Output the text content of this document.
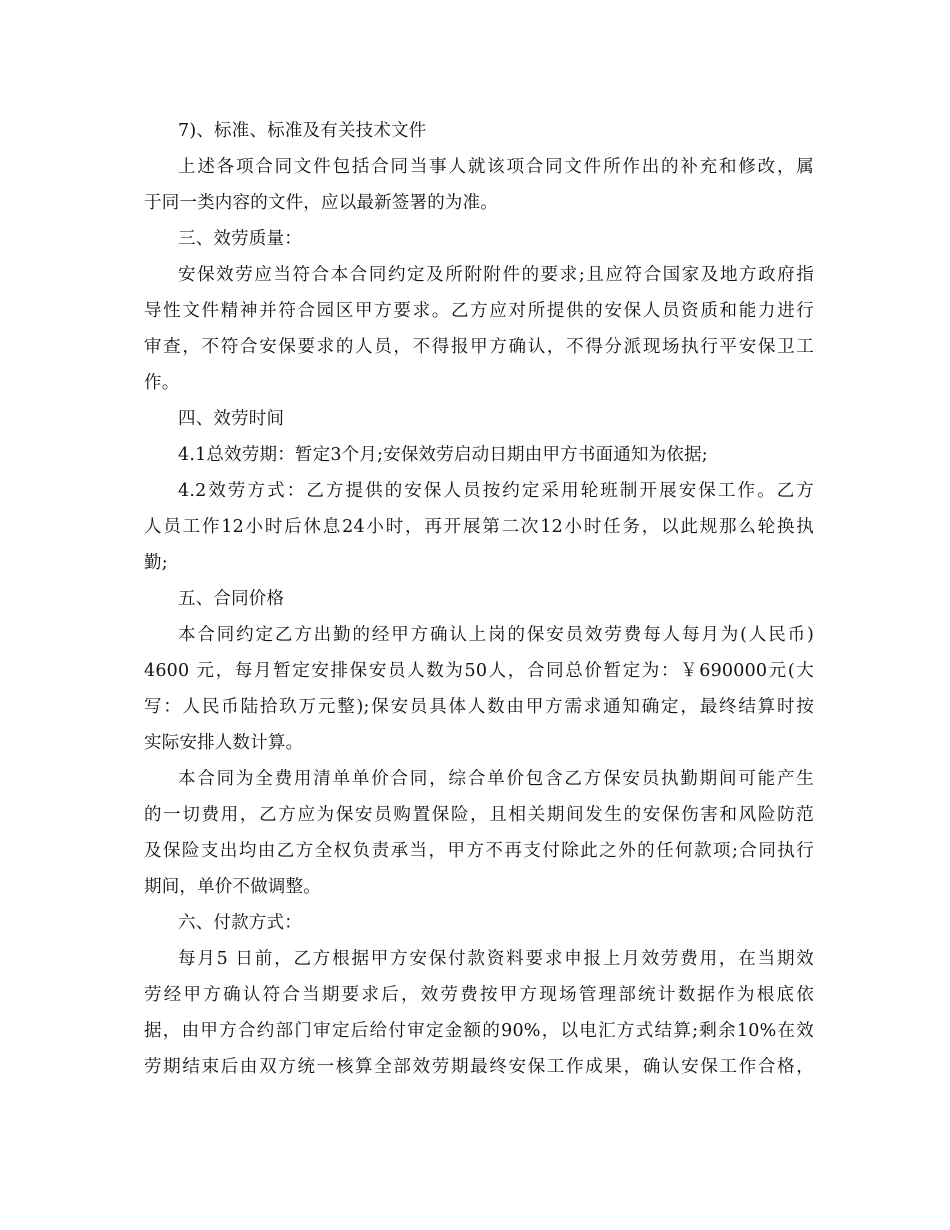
7)、标准、标准及有关技术文件
上述各项合同文件包括合同当事人就该项合同文件所作出的补充和修改，属
于同一类内容的文件，应以最新签署的为准。
三、效劳质量：
安保效劳应当符合本合同约定及所附附件的要求;且应符合国家及地方政府指
导性文件精神并符合园区甲方要求。乙方应对所提供的安保人员资质和能力进行
审查，不符合安保要求的人员，不得报甲方确认，不得分派现场执行平安保卫工
作。
四、效劳时间
4.1总效劳期：暂定3个月;安保效劳启动日期由甲方书面通知为依据;
4.2效劳方式：乙方提供的安保人员按约定采用轮班制开展安保工作。乙方
人员工作12小时后休息24小时，再开展第二次12小时任务，以此规那么轮换执
勤;
五、合同价格
本合同约定乙方出勤的经甲方确认上岗的保安员效劳费每人每月为(人民币)
4600 元，每月暂定安排保安员人数为50人，合同总价暂定为：￥690000元(大
写：人民币陆拾玖万元整);保安员具体人数由甲方需求通知确定，最终结算时按
实际安排人数计算。
本合同为全费用清单单价合同，综合单价包含乙方保安员执勤期间可能产生
的一切费用，乙方应为保安员购置保险，且相关期间发生的安保伤害和风险防范
及保险支出均由乙方全权负责承当，甲方不再支付除此之外的任何款项;合同执行
期间，单价不做调整。
六、付款方式：
每月5 日前，乙方根据甲方安保付款资料要求申报上月效劳费用，在当期效
劳经甲方确认符合当期要求后，效劳费按甲方现场管理部统计数据作为根底依
据，由甲方合约部门审定后给付审定金额的90%，以电汇方式结算;剩余10%在效
劳期结束后由双方统一核算全部效劳期最终安保工作成果，确认安保工作合格，
